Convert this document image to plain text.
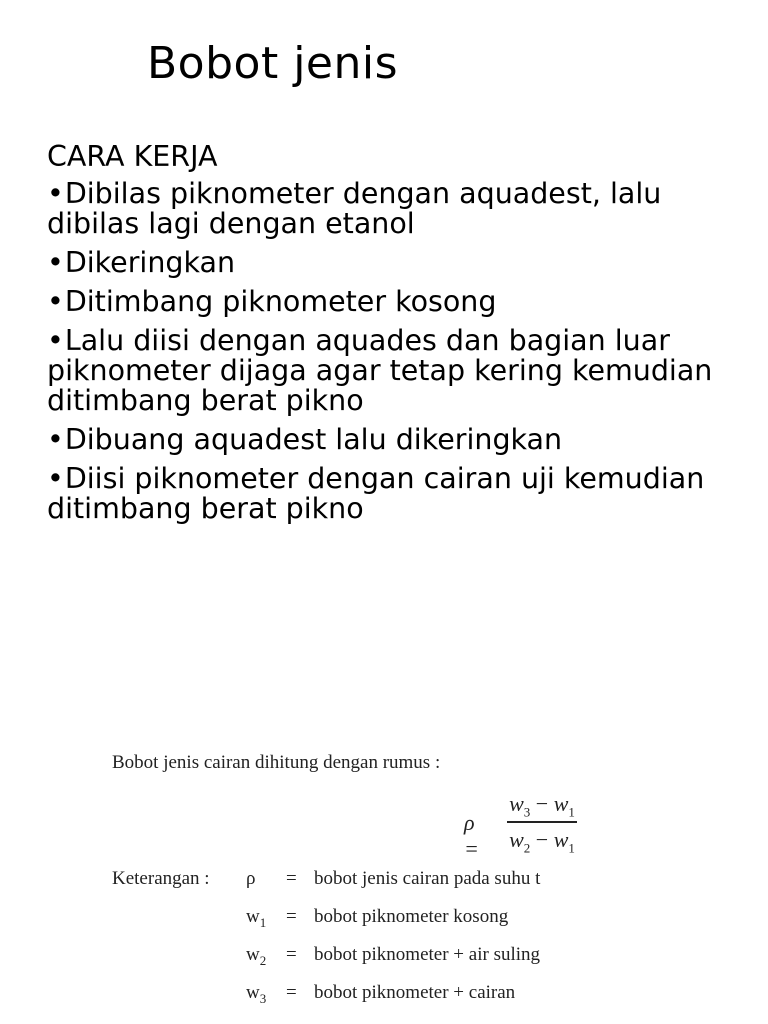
Bobot jenis
CARA KERJA
•Dibilas piknometer dengan aquadest, lalu dibilas lagi dengan etanol
•Dikeringkan
•Ditimbang piknometer kosong
•Lalu diisi dengan aquades dan bagian luar piknometer dijaga agar tetap kering kemudian ditimbang berat pikno
•Dibuang aquadest lalu dikeringkan
•Diisi piknometer dengan cairan uji kemudian ditimbang berat pikno
Bobot jenis cairan dihitung dengan rumus :
ρ =
$w_3 - w_1$
$w_2 - w_1$
Keterangan : ρ = bobot jenis cairan pada suhu t
$w_1$ = bobot piknometer kosong
$w_2$ = bobot piknometer + air suling
$w_3$ = bobot piknometer + cairan
